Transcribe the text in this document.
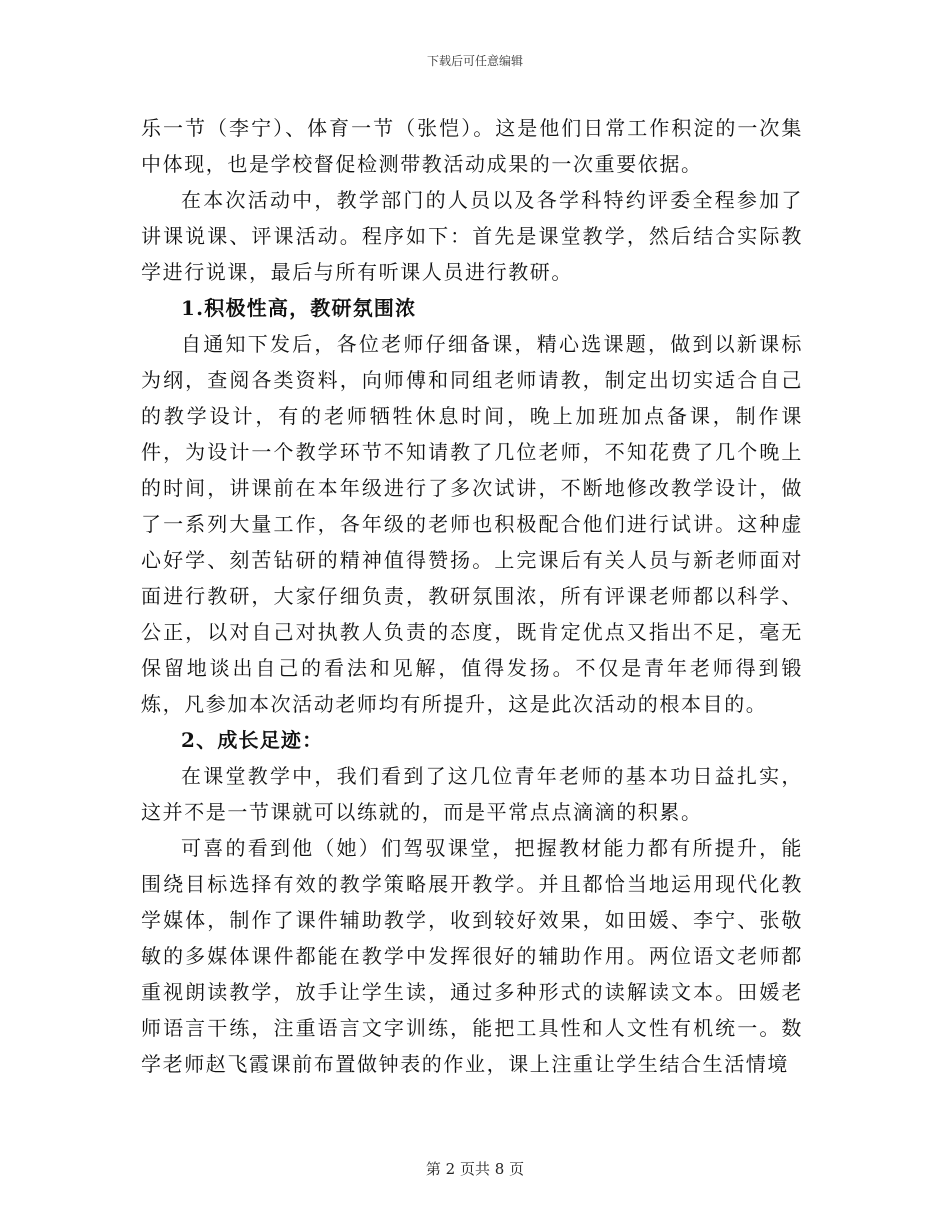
下载后可任意编辑

乐一节（李宁）、体育一节（张恺）。这是他们日常工作积淀的一次集中体现，也是学校督促检测带教活动成果的一次重要依据。

在本次活动中，教学部门的人员以及各学科特约评委全程参加了讲课说课、评课活动。程序如下：首先是课堂教学，然后结合实际教学进行说课，最后与所有听课人员进行教研。

1.积极性高，教研氛围浓

自通知下发后，各位老师仔细备课，精心选课题，做到以新课标为纲，查阅各类资料，向师傅和同组老师请教，制定出切实适合自己的教学设计，有的老师牺牲休息时间，晚上加班加点备课，制作课件，为设计一个教学环节不知请教了几位老师，不知花费了几个晚上的时间，讲课前在本年级进行了多次试讲，不断地修改教学设计，做了一系列大量工作，各年级的老师也积极配合他们进行试讲。这种虚心好学、刻苦钻研的精神值得赞扬。上完课后有关人员与新老师面对面进行教研，大家仔细负责，教研氛围浓，所有评课老师都以科学、公正，以对自己对执教人负责的态度，既肯定优点又指出不足，毫无保留地谈出自己的看法和见解，值得发扬。不仅是青年老师得到锻炼，凡参加本次活动老师均有所提升，这是此次活动的根本目的。

2、成长足迹：

在课堂教学中，我们看到了这几位青年老师的基本功日益扎实，这并不是一节课就可以练就的，而是平常点点滴滴的积累。

可喜的看到他（她）们驾驭课堂，把握教材能力都有所提升，能围绕目标选择有效的教学策略展开教学。并且都恰当地运用现代化教学媒体，制作了课件辅助教学，收到较好效果，如田媛、李宁、张敬敏的多媒体课件都能在教学中发挥很好的辅助作用。两位语文老师都重视朗读教学，放手让学生读，通过多种形式的读解读文本。田媛老师语言干练，注重语言文字训练，能把工具性和人文性有机统一。数学老师赵飞霞课前布置做钟表的作业，课上注重让学生结合生活情境

第 2 页共 8 页
